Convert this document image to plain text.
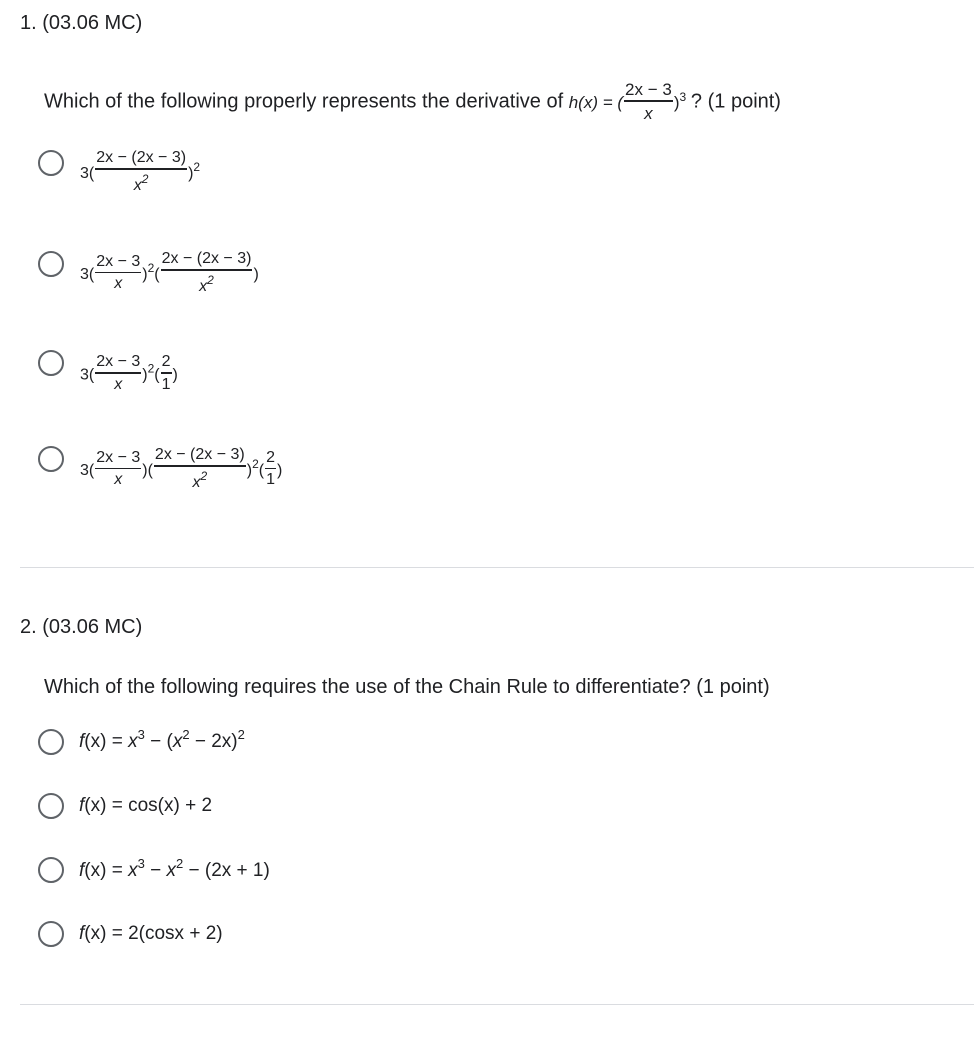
1. (03.06 MC)
Which of the following properly represents the derivative of h(x) = ( $\frac{2x - 3}{x} )^3$ ? (1 point)
$3( \frac{2x - (2x - 3)}{x^2} )^2$
$3( \frac{2x - 3}{x} )^2( \frac{2x - (2x - 3)}{x^2}$ )
$3( \frac{2x - 3}{x} )^2( \frac{2}{1}$ )
$3( \frac{2x - 3}{x}$ )( $\frac{2x - (2x - 3)}{x^2} )^2( \frac{2}{1}$ )
2. (03.06 MC)
Which of the following requires the use of the Chain Rule to differentiate? (1 point)
$f(x) = x^3 - (x^2 - 2x)^2$
f(x) = cos(x) + 2
$f(x) = x^3 - x^2 - (2x + 1)$
f(x) = 2(cosx + 2)
